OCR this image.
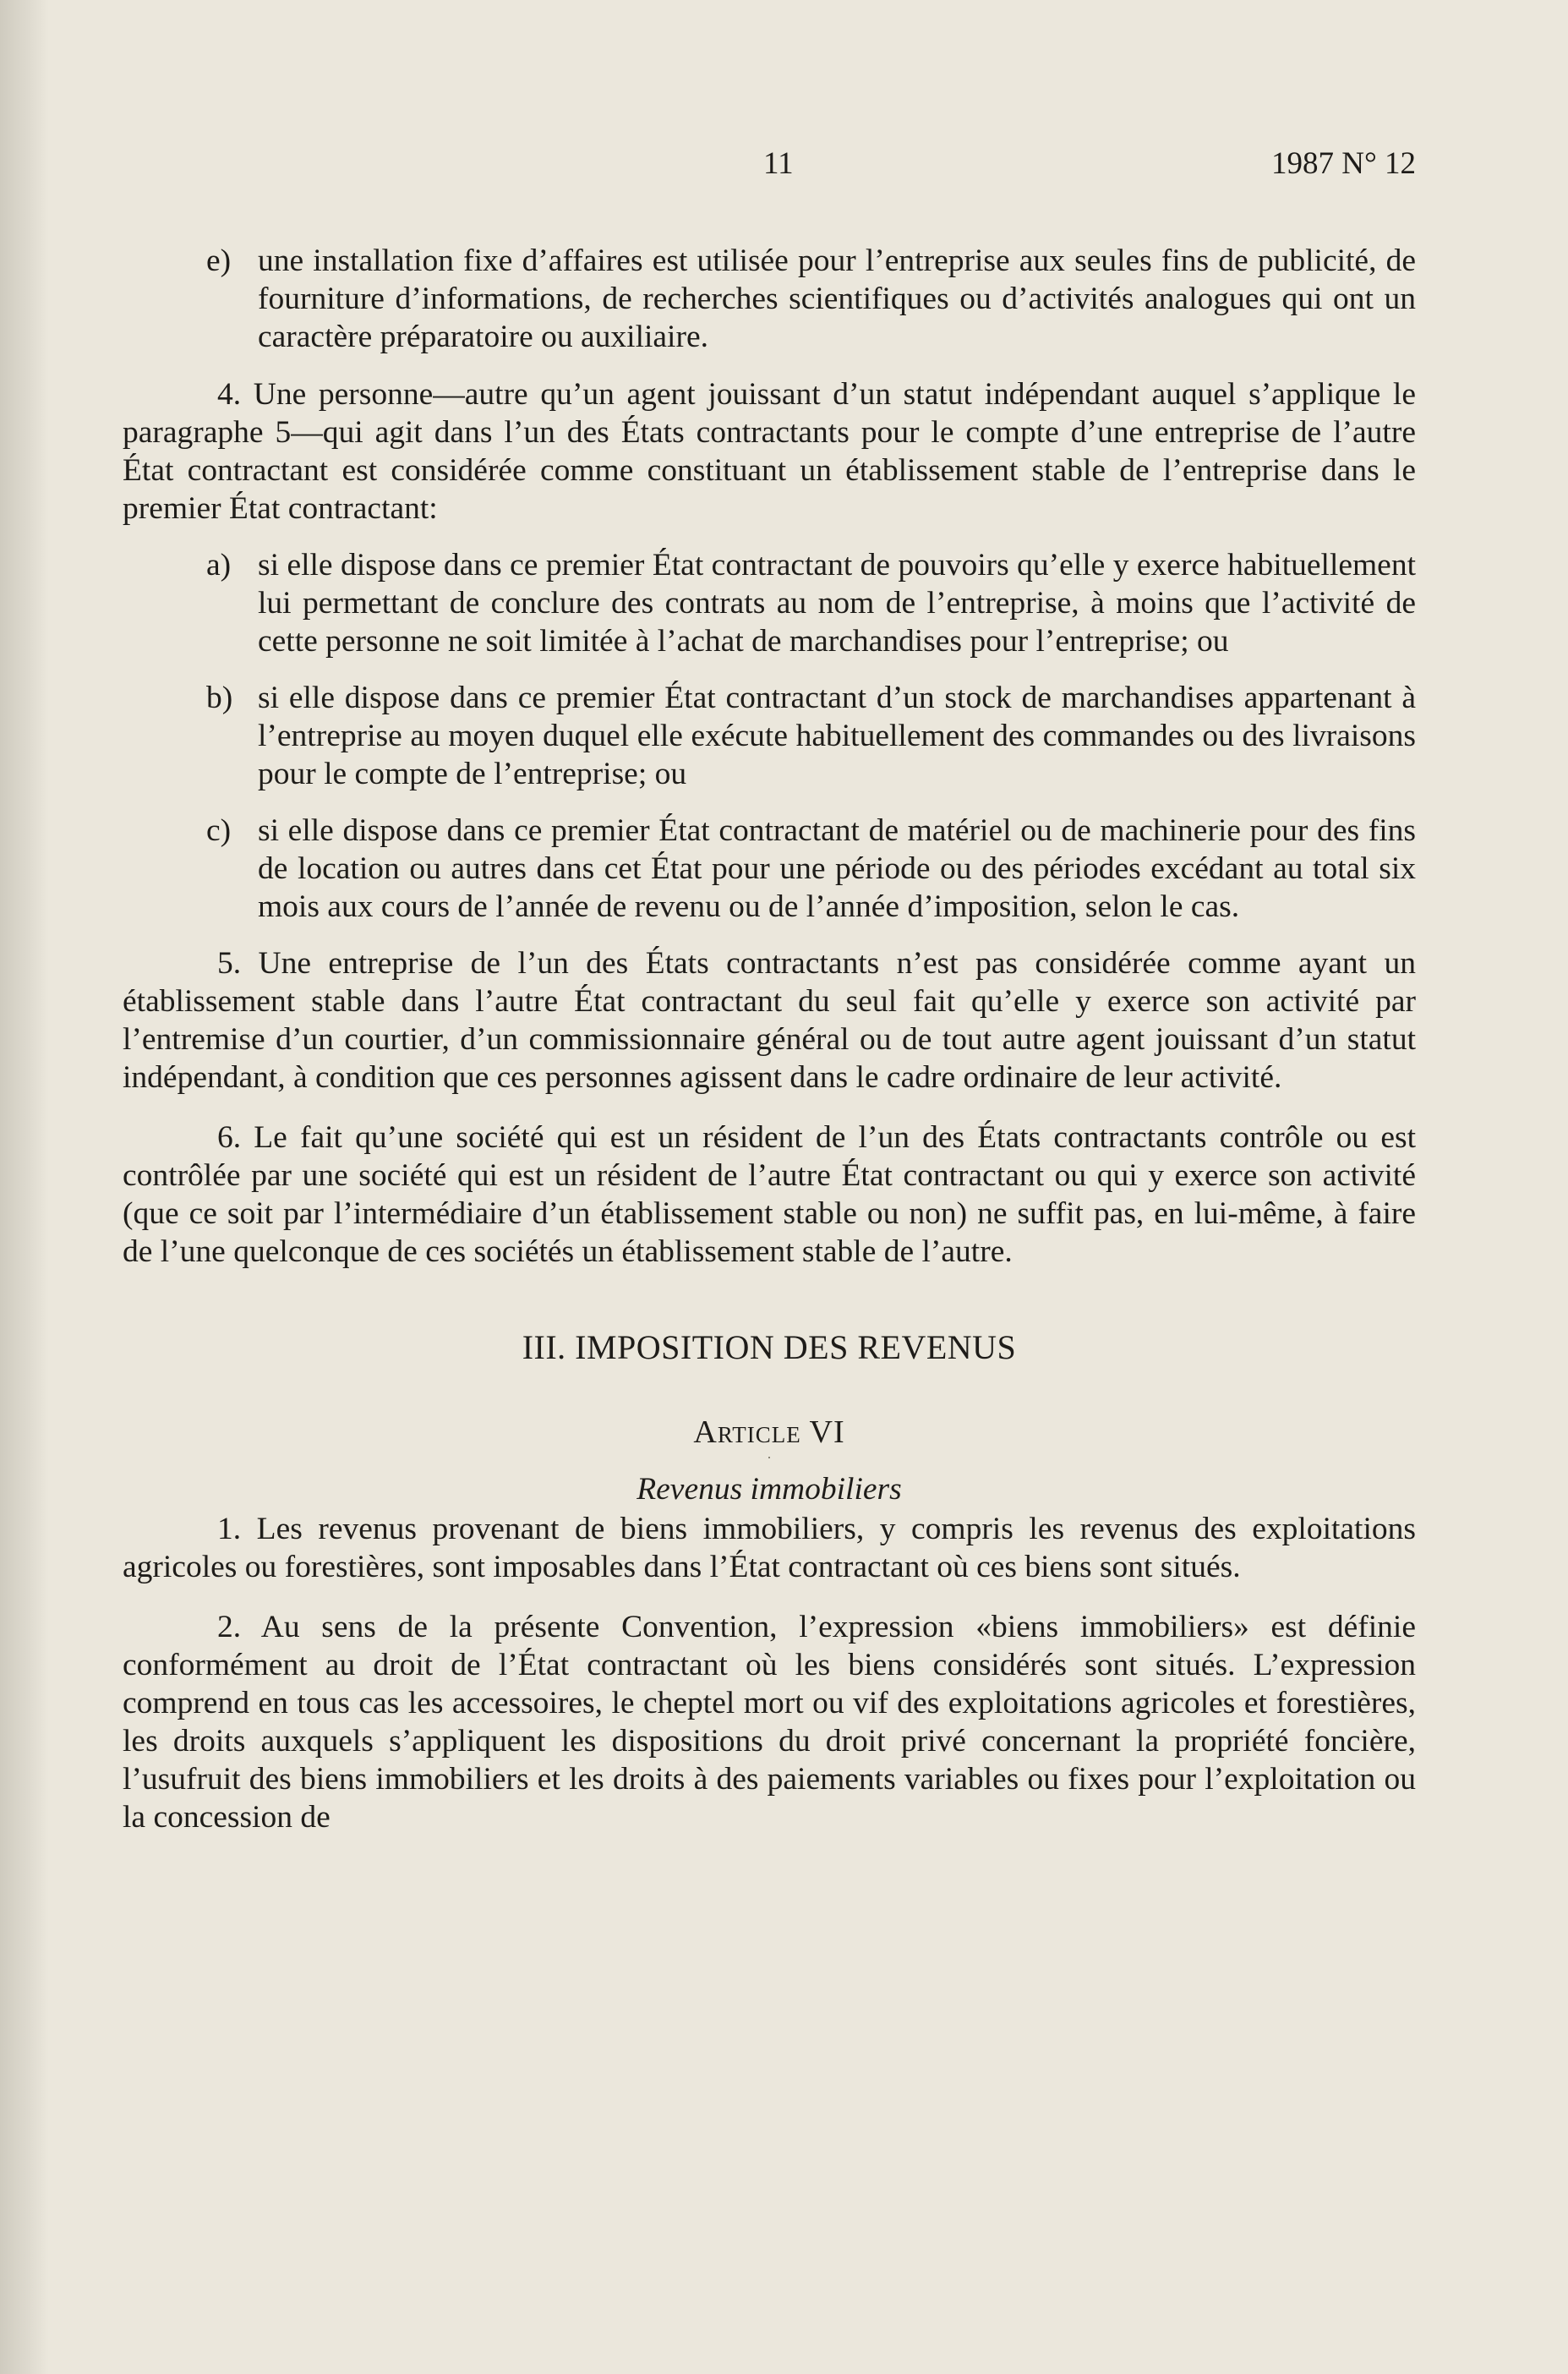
11	1987 N° 12
e) une installation fixe d’affaires est utilisée pour l’entreprise aux seules fins de publicité, de fourniture d’informations, de recherches scientifiques ou d’activités analogues qui ont un caractère préparatoire ou auxiliaire.

4. Une personne—autre qu’un agent jouissant d’un statut indépendant auquel s’applique le paragraphe 5—qui agit dans l’un des États contractants pour le compte d’une entreprise de l’autre État contractant est considérée comme constituant un établissement stable de l’entreprise dans le premier État contractant:

a) si elle dispose dans ce premier État contractant de pouvoirs qu’elle y exerce habituellement lui permettant de conclure des contrats au nom de l’entreprise, à moins que l’activité de cette personne ne soit limitée à l’achat de marchandises pour l’entreprise; ou
b) si elle dispose dans ce premier État contractant d’un stock de marchandises appartenant à l’entreprise au moyen duquel elle exécute habituellement des commandes ou des livraisons pour le compte de l’entreprise; ou
c) si elle dispose dans ce premier État contractant de matériel ou de machinerie pour des fins de location ou autres dans cet État pour une période ou des périodes excédant au total six mois aux cours de l’année de revenu ou de l’année d’imposition, selon le cas.

5. Une entreprise de l’un des États contractants n’est pas considérée comme ayant un établissement stable dans l’autre État contractant du seul fait qu’elle y exerce son activité par l’entremise d’un courtier, d’un commissionnaire général ou de tout autre agent jouissant d’un statut indépendant, à condition que ces personnes agissent dans le cadre ordinaire de leur activité.

6. Le fait qu’une société qui est un résident de l’un des États contractants contrôle ou est contrôlée par une société qui est un résident de l’autre État contractant ou qui y exerce son activité (que ce soit par l’intermédiaire d’un établissement stable ou non) ne suffit pas, en lui-même, à faire de l’une quelconque de ces sociétés un établissement stable de l’autre.

III. IMPOSITION DES REVENUS

Article VI

Revenus immobiliers

1. Les revenus provenant de biens immobiliers, y compris les revenus des exploitations agricoles ou forestières, sont imposables dans l’État contractant où ces biens sont situés.

2. Au sens de la présente Convention, l’expression «biens immobiliers» est définie conformément au droit de l’État contractant où les biens considérés sont situés. L’expression comprend en tous cas les accessoires, le cheptel mort ou vif des exploitations agricoles et forestières, les droits auxquels s’appliquent les dispositions du droit privé concernant la propriété foncière, l’usufruit des biens immobiliers et les droits à des paiements variables ou fixes pour l’exploitation ou la concession de
